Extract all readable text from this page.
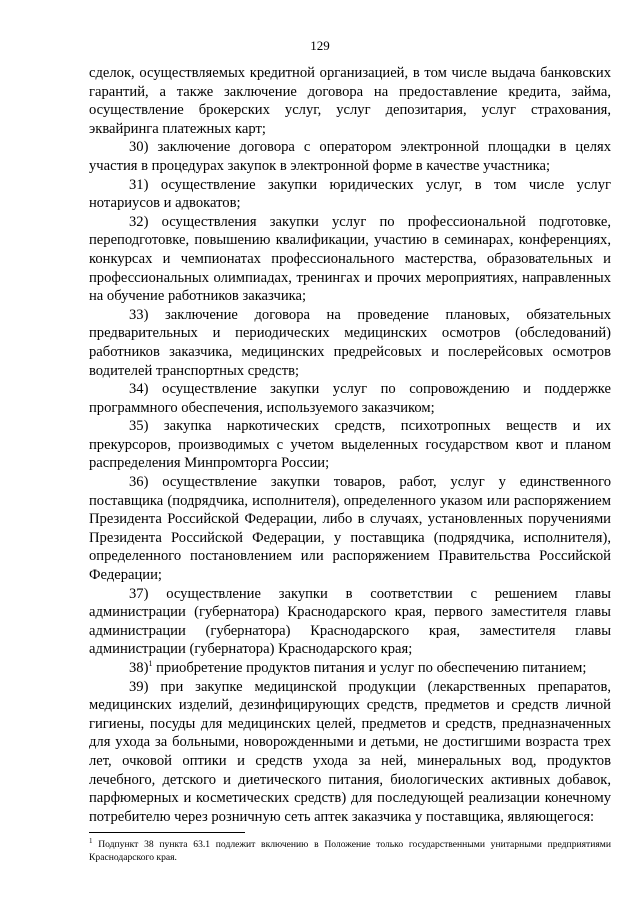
129

сделок, осуществляемых кредитной организацией, в том числе выдача банковских гарантий, а также заключение договора на предоставление кредита, займа, осуществление брокерских услуг, услуг депозитария, услуг страхования, эквайринга платежных карт;

30) заключение договора с оператором электронной площадки в целях участия в процедурах закупок в электронной форме в качестве участника;

31) осуществление закупки юридических услуг, в том числе услуг нотариусов и адвокатов;

32) осуществления закупки услуг по профессиональной подготовке, переподготовке, повышению квалификации, участию в семинарах, конференциях, конкурсах и чемпионатах профессионального мастерства, образовательных и профессиональных олимпиадах, тренингах и прочих мероприятиях, направленных на обучение работников заказчика;

33) заключение договора на проведение плановых, обязательных предварительных и периодических медицинских осмотров (обследований) работников заказчика, медицинских предрейсовых и послерейсовых осмотров водителей транспортных средств;

34) осуществление закупки услуг по сопровождению и поддержке программного обеспечения, используемого заказчиком;

35) закупка наркотических средств, психотропных веществ и их прекурсоров, производимых с учетом выделенных государством квот и планом распределения Минпромторга России;

36) осуществление закупки товаров, работ, услуг у единственного поставщика (подрядчика, исполнителя), определенного указом или распоряжением Президента Российской Федерации, либо в случаях, установленных поручениями Президента Российской Федерации, у поставщика (подрядчика, исполнителя), определенного постановлением или распоряжением Правительства Российской Федерации;

37) осуществление закупки в соответствии с решением главы администрации (губернатора) Краснодарского края, первого заместителя главы администрации (губернатора) Краснодарского края, заместителя главы администрации (губернатора) Краснодарского края;

38)$^1$ приобретение продуктов питания и услуг по обеспечению питанием;

39) при закупке медицинской продукции (лекарственных препаратов, медицинских изделий, дезинфицирующих средств, предметов и средств личной гигиены, посуды для медицинских целей, предметов и средств, предназначенных для ухода за больными, новорожденными и детьми, не достигшими возраста трех лет, очковой оптики и средств ухода за ней, минеральных вод, продуктов лечебного, детского и диетического питания, биологических активных добавок, парфюмерных и косметических средств) для последующей реализации конечному потребителю через розничную сеть аптек заказчика у поставщика, являющегося:

$^1$ Подпункт 38 пункта 63.1 подлежит включению в Положение только государственными унитарными предприятиями Краснодарского края.
